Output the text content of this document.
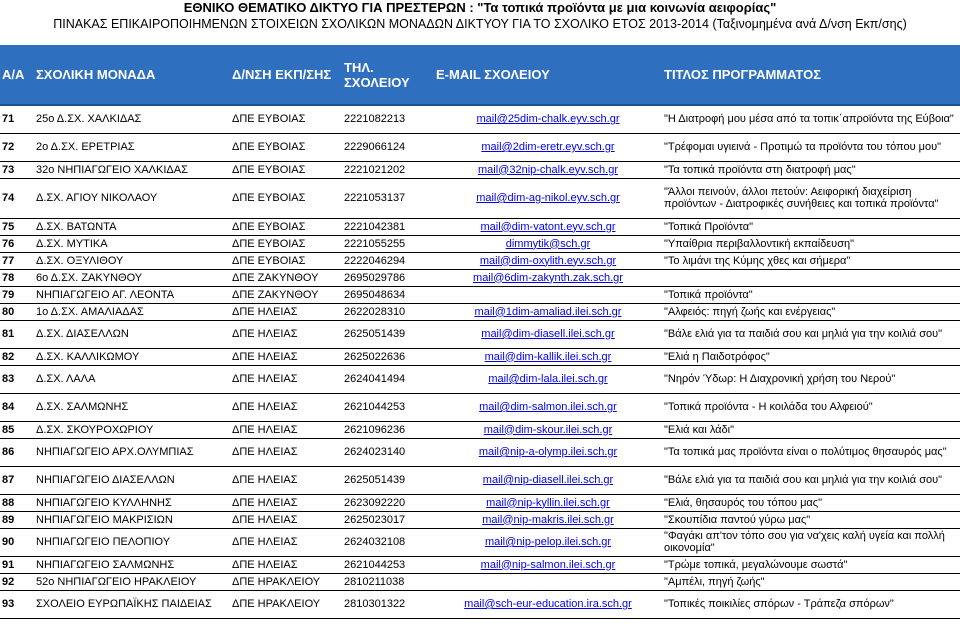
ΕΘΝΙΚΟ ΘΕΜΑΤΙΚΟ ΔΙΚΤΥΟ ΓΙΑ ΠΡΕΣΤΕΡΩΝ : "Τα τοπικά προϊόντα με μια κοινωνία αειφορίας"
ΠΙΝΑΚΑΣ ΕΠΙΚΑΙΡΟΠΟΙΗΜΕΝΩΝ ΣΤΟΙΧΕΙΩΝ ΣΧΟΛΙΚΩΝ ΜΟΝΑΔΩΝ ΔΙΚΤΥΟΥ ΓΙΑ ΤΟ ΣΧΟΛΙΚΟ ΕΤΟΣ 2013-2014 (Ταξινομημένα ανά Δ/νση Εκπ/σης)
Α/Α	ΣΧΟΛΙΚΗ ΜΟΝΑΔΑ	Δ/ΝΣΗ ΕΚΠ/ΣΗΣ	ΤΗΛ. ΣΧΟΛΕΙΟΥ	E-MAIL ΣΧΟΛΕΙΟΥ	ΤΙΤΛΟΣ ΠΡΟΓΡΑΜΜΑΤΟΣ
71	25ο Δ.ΣΧ. ΧΑΛΚΙΔΑΣ	ΔΠΕ ΕΥΒΟΙΑΣ	2221082213	mail@25dim-chalk.eyv.sch.gr	"Η Διατροφή μου μέσα από τα τοπικ΄απροϊόντα της Εύβοια"
72	2ο Δ.ΣΧ. ΕΡΕΤΡΙΑΣ	ΔΠΕ ΕΥΒΟΙΑΣ	2229066124	mail@2dim-eretr.eyv.sch.gr	"Τρέφομαι υγιεινά - Προτιμώ τα προϊόντα του τόπου μου"
73	32ο ΝΗΠΙΑΓΩΓΕΙΟ ΧΑΛΚΙΔΑΣ	ΔΠΕ ΕΥΒΟΙΑΣ	2221021202	mail@32nip-chalk.eyv.sch.gr	"Τα τοπικά προϊόντα στη διατροφή μας"
74	Δ.ΣΧ. ΑΓΙΟΥ ΝΙΚΟΛΑΟΥ	ΔΠΕ ΕΥΒΟΙΑΣ	2221053137	mail@dim-ag-nikol.eyv.sch.gr	"Άλλοι πεινούν, άλλοι πετούν: Αειφορική διαχείριση προϊόντων - Διατροφικές συνήθειες και τοπικά προϊόντα"
75	Δ.ΣΧ. ΒΑΤΩΝΤΑ	ΔΠΕ ΕΥΒΟΙΑΣ	2221042381	mail@dim-vatont.eyv.sch.gr	"Τοπικά Προϊόντα"
76	Δ.ΣΧ. ΜΥΤΙΚΑ	ΔΠΕ ΕΥΒΟΙΑΣ	2221055255	dimmytik@sch.gr	"Υπαίθρια περιβαλλοντική εκπαίδευση"
77	Δ.ΣΧ. ΟΞΥΛΙΘΟΥ	ΔΠΕ ΕΥΒΟΙΑΣ	2222046294	mail@dim-oxylith.eyv.sch.gr	"Το λιμάνι της Κύμης χθες και σήμερα"
78	6ο Δ.ΣΧ. ΖΑΚΥΝΘΟΥ	ΔΠΕ ΖΑΚΥΝΘΟΥ	2695029786	mail@6dim-zakynth.zak.sch.gr	
79	ΝΗΠΙΑΓΩΓΕΙΟ ΑΓ. ΛΕΟΝΤΑ	ΔΠΕ ΖΑΚΥΝΘΟΥ	2695048634		"Τοπικά προϊόντα"
80	1ο Δ.ΣΧ. ΑΜΑΛΙΑΔΑΣ	ΔΠΕ ΗΛΕΙΑΣ	2622028310	mail@1dim-amaliad.ilei.sch.gr	"Αλφειός: πηγή ζωής και ενέργειας"
81	Δ.ΣΧ. ΔΙΑΣΕΛΛΩΝ	ΔΠΕ ΗΛΕΙΑΣ	2625051439	mail@dim-diasell.ilei.sch.gr	"Βάλε ελιά για τα παιδιά σου και μηλιά για την κοιλιά σου"
82	Δ.ΣΧ. ΚΑΛΛΙΚΩΜΟΥ	ΔΠΕ ΗΛΕΙΑΣ	2625022636	mail@dim-kallik.ilei.sch.gr	"Ελιά η Παιδοτρόφος"
83	Δ.ΣΧ. ΛΑΛΑ	ΔΠΕ ΗΛΕΙΑΣ	2624041494	mail@dim-lala.ilei.sch.gr	"Νηρόν Ύδωρ: Η Διαχρονική χρήση του Νερού"
84	Δ.ΣΧ. ΣΑΛΜΩΝΗΣ	ΔΠΕ ΗΛΕΙΑΣ	2621044253	mail@dim-salmon.ilei.sch.gr	"Τοπικά προϊόντα - Η κοιλάδα του Αλφειού"
85	Δ.ΣΧ. ΣΚΟΥΡΟΧΩΡΙΟΥ	ΔΠΕ ΗΛΕΙΑΣ	2621096236	mail@dim-skour.ilei.sch.gr	"Ελιά και λάδι"
86	ΝΗΠΙΑΓΩΓΕΙΟ ΑΡΧ.ΟΛΥΜΠΙΑΣ	ΔΠΕ ΗΛΕΙΑΣ	2624023140	mail@nip-a-olymp.ilei.sch.gr	"Τα τοπικά μας προϊόντα είναι ο πολύτιμος θησαυρός μας"
87	ΝΗΠΙΑΓΩΓΕΙΟ ΔΙΑΣΕΛΛΩΝ	ΔΠΕ ΗΛΕΙΑΣ	2625051439	mail@nip-diasell.ilei.sch.gr	"Βάλε ελιά για τα παιδιά σου και μηλιά για την κοιλιά σου"
88	ΝΗΠΙΑΓΩΓΕΙΟ ΚΥΛΛΗΝΗΣ	ΔΠΕ ΗΛΕΙΑΣ	2623092220	mail@nip-kyllin.ilei.sch.gr	"Ελιά, θησαυρός του τόπου μας"
89	ΝΗΠΙΑΓΩΓΕΙΟ ΜΑΚΡΙΣΙΩΝ	ΔΠΕ ΗΛΕΙΑΣ	2625023017	mail@nip-makris.ilei.sch.gr	"Σκουπίδια παντού γύρω μας"
90	ΝΗΠΙΑΓΩΓΕΙΟ ΠΕΛΟΠΙΟΥ	ΔΠΕ ΗΛΕΙΑΣ	2624032108	mail@nip-pelop.ilei.sch.gr	"Φαγάκι απ'τον τόπο σου για να'χεις καλή υγεία και πολλή οικονομία"
91	ΝΗΠΙΑΓΩΓΕΙΟ ΣΑΛΜΩΝΗΣ	ΔΠΕ ΗΛΕΙΑΣ	2621044253	mail@nip-salmon.ilei.sch.gr	"Τρώμε τοπικά, μεγαλώνουμε σωστά"
92	52ο ΝΗΠΙΑΓΩΓΕΙΟ ΗΡΑΚΛΕΙΟΥ	ΔΠΕ ΗΡΑΚΛΕΙΟΥ	2810211038		"Αμπέλι, πηγή ζωής"
93	ΣΧΟΛΕΙΟ ΕΥΡΩΠΑΪΚΗΣ ΠΑΙΔΕΙΑΣ	ΔΠΕ ΗΡΑΚΛΕΙΟΥ	2810301322	mail@sch-eur-education.ira.sch.gr	"Τοπικές ποικιλίες σπόρων - Τράπεζα σπόρων"
